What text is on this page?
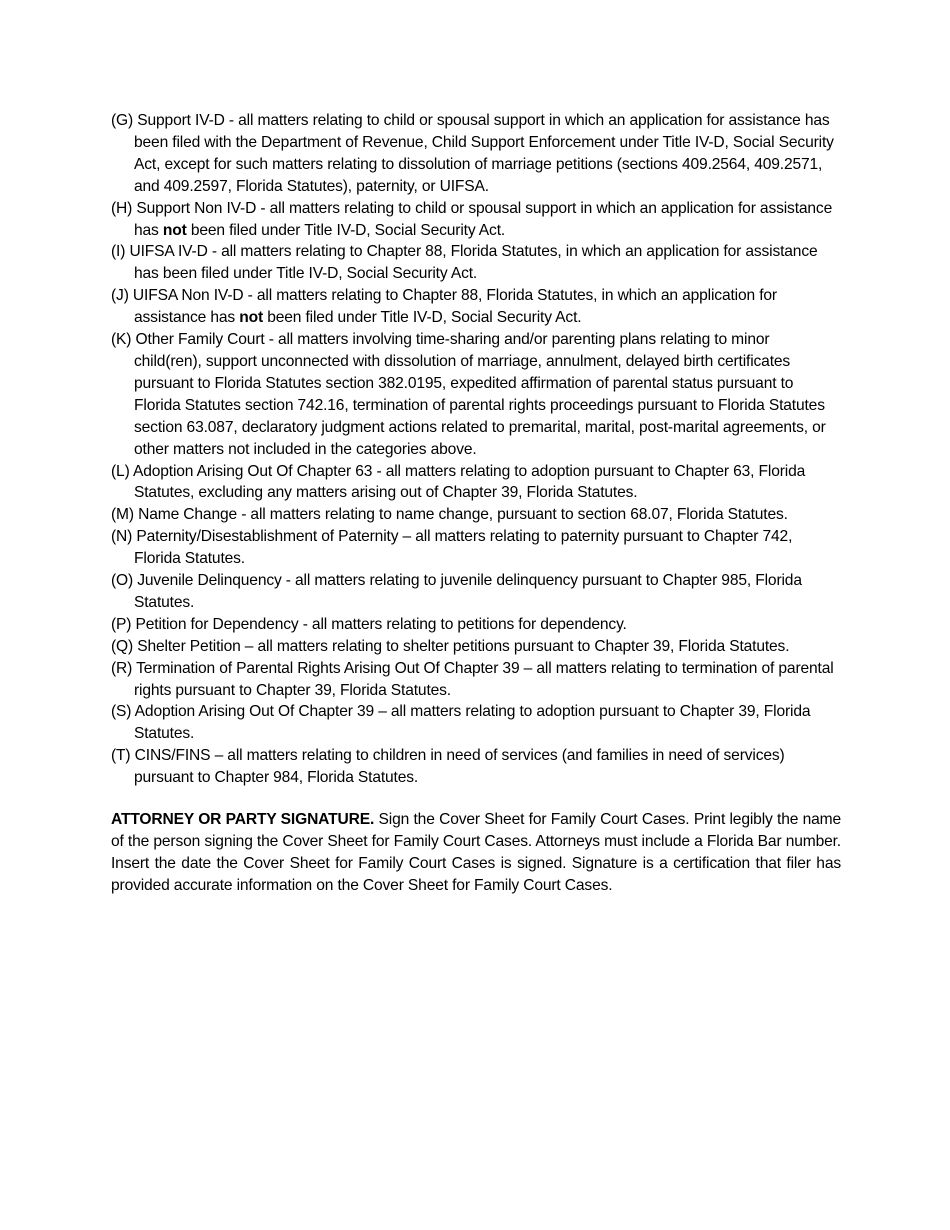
(G) Support IV-D - all matters relating to child or spousal support in which an application for assistance has been filed with the Department of Revenue, Child Support Enforcement under Title IV-D, Social Security Act, except for such matters relating to dissolution of marriage petitions (sections 409.2564, 409.2571, and 409.2597, Florida Statutes), paternity, or UIFSA.

(H) Support Non IV-D - all matters relating to child or spousal support in which an application for assistance has not been filed under Title IV-D, Social Security Act.

(I) UIFSA IV-D - all matters relating to Chapter 88, Florida Statutes, in which an application for assistance has been filed under Title IV-D, Social Security Act.

(J) UIFSA Non IV-D - all matters relating to Chapter 88, Florida Statutes, in which an application for assistance has not been filed under Title IV-D, Social Security Act.

(K) Other Family Court - all matters involving time-sharing and/or parenting plans relating to minor child(ren), support unconnected with dissolution of marriage, annulment, delayed birth certificates pursuant to Florida Statutes section 382.0195, expedited affirmation of parental status pursuant to Florida Statutes section 742.16, termination of parental rights proceedings pursuant to Florida Statutes section 63.087, declaratory judgment actions related to premarital, marital, post-marital agreements, or other matters not included in the categories above.

(L) Adoption Arising Out Of Chapter 63 - all matters relating to adoption pursuant to Chapter 63, Florida Statutes, excluding any matters arising out of Chapter 39, Florida Statutes.

(M) Name Change - all matters relating to name change, pursuant to section 68.07, Florida Statutes.

(N) Paternity/Disestablishment of Paternity – all matters relating to paternity pursuant to Chapter 742, Florida Statutes.

(O) Juvenile Delinquency - all matters relating to juvenile delinquency pursuant to Chapter 985, Florida Statutes.

(P) Petition for Dependency - all matters relating to petitions for dependency.

(Q) Shelter Petition – all matters relating to shelter petitions pursuant to Chapter 39, Florida Statutes.

(R) Termination of Parental Rights Arising Out Of Chapter 39 – all matters relating to termination of parental rights pursuant to Chapter 39, Florida Statutes.

(S) Adoption Arising Out Of Chapter 39 – all matters relating to adoption pursuant to Chapter 39, Florida Statutes.

(T) CINS/FINS – all matters relating to children in need of services (and families in need of services) pursuant to Chapter 984, Florida Statutes.

ATTORNEY OR PARTY SIGNATURE. Sign the Cover Sheet for Family Court Cases. Print legibly the name of the person signing the Cover Sheet for Family Court Cases. Attorneys must include a Florida Bar number. Insert the date the Cover Sheet for Family Court Cases is signed. Signature is a certification that filer has provided accurate information on the Cover Sheet for Family Court Cases.
